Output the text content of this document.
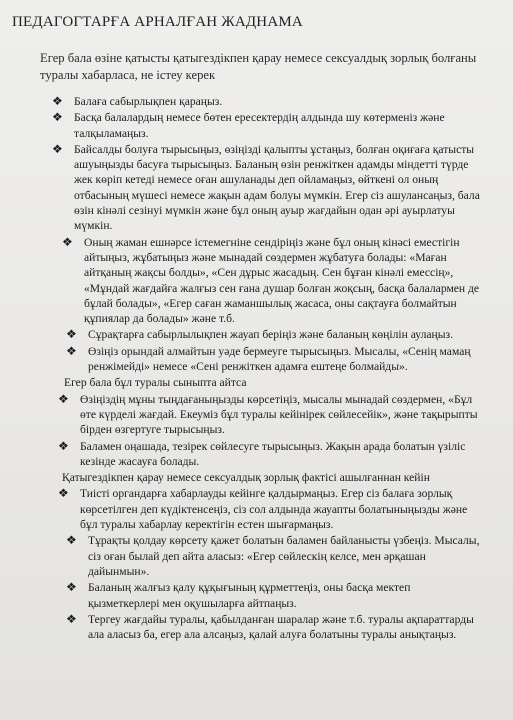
ПЕДАГОГТАРҒА АРНАЛҒАН ЖАДНАМА
Егер бала өзіне қатысты қатыгездікпен қарау немесе сексуалдық зорлық болғаны туралы хабарласа, не істеу керек
❖ Балаға сабырлықпен қараңыз.
❖ Басқа балалардың немесе бөтен ересектердің алдында шу көтерменіз және талқыламаңыз.
❖ Байсалды болуға тырысыңыз, өзіңізді қалыпты ұстаңыз, болған оқиғаға қатысты ашуыңызды басуға тырысыңыз. Баланың өзін ренжіткен адамды міндетті түрде жек көріп кетеді немесе оған ашуланады деп ойламаңыз, өйткені ол оның отбасының мүшесі немесе жақын адам болуы мүмкін. Егер сіз ашуланcаңыз, бала өзін кінәлі сезінуі мүмкін және бұл оның ауыр жағдайын одан әрі ауырлатуы мүмкін.
❖ Оның жаман ешнәрсе істемегніне сендіріңіз және бұл оның кінәсі еместігін айтыңыз, жұбатыңыз және мынадай сөздермен жұбатуға болады: «Маған айтқаның жақсы болды», «Сен дұрыс жасадың. Сен бұған кінәлі емессің», «Мұндай жағдайға жалғыз сен ғана душар болған жоқсың, басқа балалармен де бұлай болады», «Егер саған жаманшылық жасаса, оны сақтауға болмайтын құпиялар да болады» және т.б.
❖ Сұрақтарға сабырлылықпен жауап беріңіз және баланың көңілін аулаңыз.
❖ Өзіңіз орындай алмайтын уәде бермеуге тырысыңыз. Мысалы, «Сенің мамаң ренжімейді» немесе «Сені ренжіткен адамға ештеңе болмайды».
Егер бала бұл туралы сыныпта айтса
❖ Өзіңіздің мұны тыңдағаныңызды көрсетіңіз, мысалы мынадай сөздермен, «Бұл өте күрделі жағдай. Екеуміз бұл туралы кейінірек сөйлесейік», және тақырыпты бірден өзгертуге тырысыңыз.
❖ Баламен оңашада, тезірек сөйлесуге тырысыңыз. Жақын арада болатын үзіліс кезінде жасауға болады.
Қатыгездікпен қарау немесе сексуалдық зорлық фактісі ашылғаннан кейін
❖ Тиісті органдарға хабарлауды кейінге қалдырмаңыз. Егер сіз балаға зорлық көрсетілген деп күдіктенсеңіз, сіз сол алдында жауапты болатыныңызды және бұл туралы хабарлау керектігін естен шығармаңыз.
❖ Тұрақты қолдау көрсету қажет болатын баламен байланысты үзбеңіз. Мысалы, сіз оған былай деп айта аласыз: «Егер сөйлескің келсе, мен әрқашан дайынмын».
❖ Баланың жалғыз қалу құқығының құрметтеңіз, оны басқа мектеп қызметкерлері мен оқушыларға айтпаңыз.
❖ Тергеу жағдайы туралы, қабылданған шаралар және т.б. туралы ақпараттарды ала аласыз ба, егер ала алсаңыз, қалай алуға болатыны туралы анықтаңыз.
